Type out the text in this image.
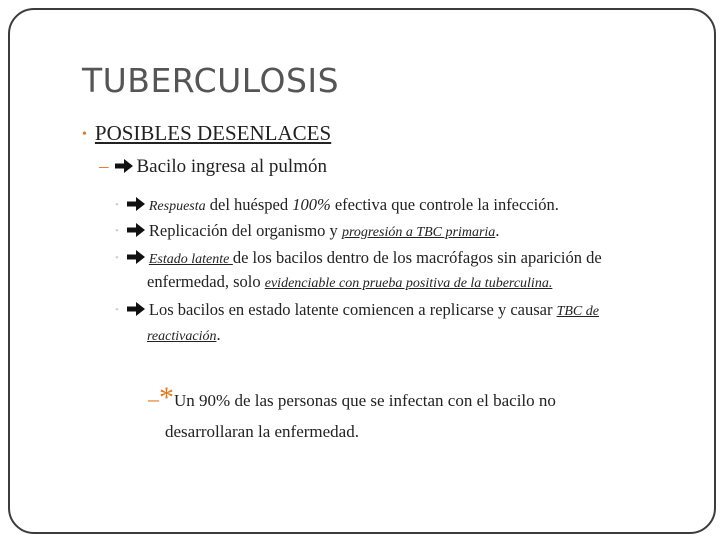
TUBERCULOSIS
• POSIBLES DESENLACES
– Bacilo ingresa al pulmón
• Respuesta del huésped 100% efectiva que controle la infección.
• Replicación del organismo y progresión a TBC primaria.
• Estado latente de los bacilos dentro de los macrófagos sin aparición de
enfermedad, solo evidenciable con prueba positiva de la tuberculina.
• Los bacilos en estado latente comiencen a replicarse y causar TBC de
reactivación.
–*Un 90% de las personas que se infectan con el bacilo no
desarrollaran la enfermedad.
